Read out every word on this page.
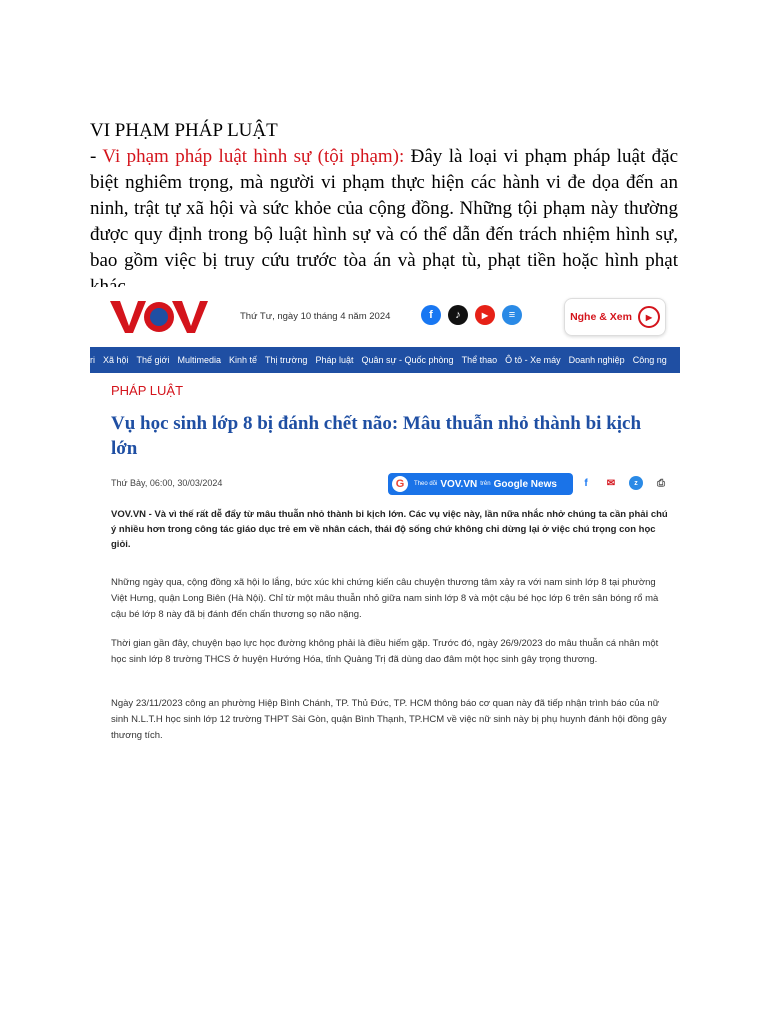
VI PHẠM PHÁP LUẬT

- Vi phạm pháp luật hình sự (tội phạm): Đây là loại vi phạm pháp luật đặc biệt nghiêm trọng, mà người vi phạm thực hiện các hành vi đe dọa đến an ninh, trật tự xã hội và sức khỏe của cộng đồng. Những tội phạm này thường được quy định trong bộ luật hình sự và có thể dẫn đến trách nhiệm hình sự, bao gồm việc bị truy cứu trước tòa án và phạt tù, phạt tiền hoặc hình phạt

Thứ Tư, ngày 10 tháng 4 năm 2024	f	♪	▶	≡	Nghe & Xem	▶
ri Xã hội Thế giới Multimedia Kinh tế Thị trường Pháp luật Quân sự - Quốc phòng Thể thao Ô tô - Xe máy Doanh nghiệp Công ng
PHÁP LUẬT
Vụ học sinh lớp 8 bị đánh chết não: Mâu thuẫn nhỏ thành bi kịch lớn
Thứ Bảy, 06:00, 30/03/2024	G	Theo dõi VOV.VN trên Google News	f	✉	z	⎙

VOV.VN - Và vì thế rất dễ đẩy từ mâu thuẫn nhỏ thành bi kịch lớn. Các vụ việc này, lần nữa nhắc nhở chúng ta cần phải chú ý nhiều hơn trong công tác giáo dục trẻ em về nhân cách, thái độ sống chứ không chỉ dừng lại ở việc chú trọng con học giỏi.

Những ngày qua, cộng đồng xã hội lo lắng, bức xúc khi chứng kiến câu chuyện thương tâm xảy ra với nam sinh lớp 8 tại phường Việt Hưng, quận Long Biên (Hà Nội). Chỉ từ một mâu thuẫn nhỏ giữa nam sinh lớp 8 và một cậu bé học lớp 6 trên sân bóng rổ mà cậu bé lớp 8 này đã bị đánh đến chấn thương sọ não nặng.

Thời gian gần đây, chuyện bạo lực học đường không phải là điều hiếm gặp. Trước đó, ngày 26/9/2023 do mâu thuẫn cá nhân một học sinh lớp 8 trường THCS ở huyện Hướng Hóa, tỉnh Quảng Trị đã dùng dao đâm một học sinh gây trọng thương.

Ngày 23/11/2023 công an phường Hiệp Bình Chánh, TP. Thủ Đức, TP. HCM thông báo cơ quan này đã tiếp nhận trình báo của nữ sinh N.L.T.H học sinh lớp 12 trường THPT Sài Gòn, quận Bình Thạnh, TP.HCM về việc nữ sinh này bị phụ huynh đánh hội đồng gây thương tích.
